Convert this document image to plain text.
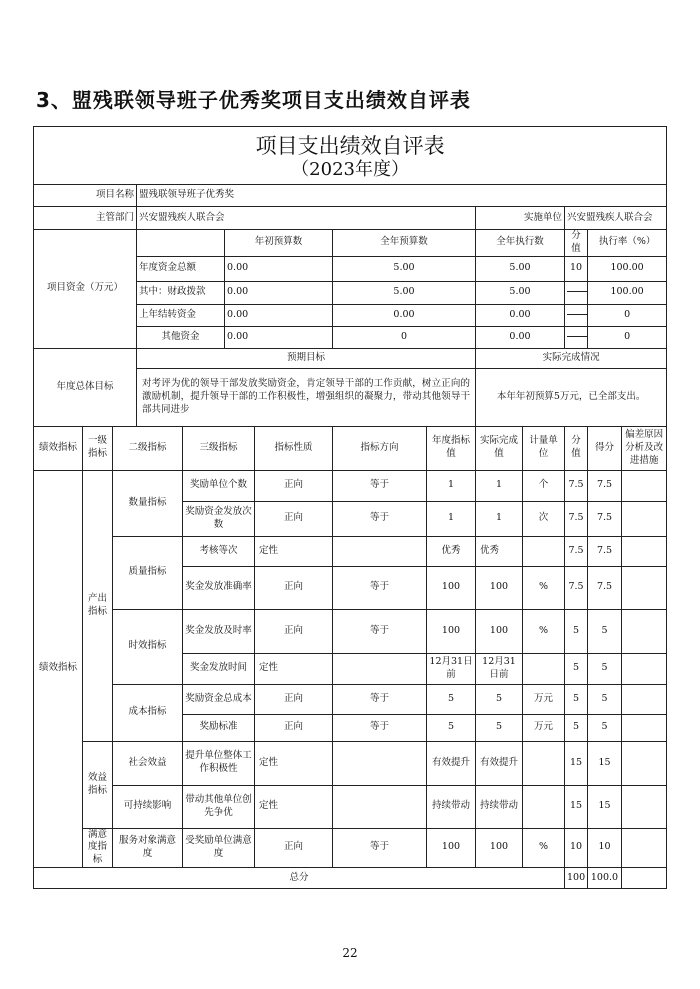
3、盟残联领导班子优秀奖项目支出绩效自评表
项目支出绩效自评表
（2023年度）														

项目名称			盟残联领导班子优秀奖											
主管部门			兴安盟残疾人联合会						实施单位		兴安盟残疾人联合会			
项目资金（万元）					年初预算数		全年预算数		全年执行数		分值	执行率（%）	
			年度资金总额		0.00		5.00		5.00		10	100.00	
			其中：财政拨款		0.00		5.00		5.00			100.00		
			上年结转资金		0.00		0.00		0.00			0		
			其他资金		0.00		0		0.00			0		
年度总体目标			预期目标						实际完成情况					
			对考评为优的领导干部发放奖励资金，肯定领导干部的工作贡献，树立正向的激励机制，提升领导干部的工作积极性，增强组织的凝聚力，带动其他领导干部共同进步						本年年初预算5万元，已全部支出。					
绩效指标	一级指标	二级指标		三级指标		指标性质	指标方向	年度指标值	实际完成值	计量单位	分值	得分	偏差原因分析及改进措施	
绩效指标	产出指标	数量指标		奖励单位个数		正向	等于	1	1	个	7.5	7.5		
				奖励资金发放次数		正向	等于	1	1	次	7.5	7.5		
		质量指标		考核等次		定性		优秀	优秀		7.5	7.5		
				奖金发放准确率		正向	等于	100	100	%	7.5	7.5		
		时效指标		奖金发放及时率		正向	等于	100	100	%	5	5		
				奖金发放时间		定性		12月31日前	12月31日前		5	5		
		成本指标		奖励资金总成本		正向	等于	5	5	万元	5	5		
				奖励标准		正向	等于	5	5	万元	5	5		
	效益指标	社会效益		提升单位整体工作积极性		定性		有效提升	有效提升		15	15		
		可持续影响		带动其他单位创先争优		定性		持续带动	持续带动		15	15		
	满意度指标	服务对象满意度		受奖励单位满意度		正向	等于	100	100	%	10	10		
总分											100	100.0		
22
